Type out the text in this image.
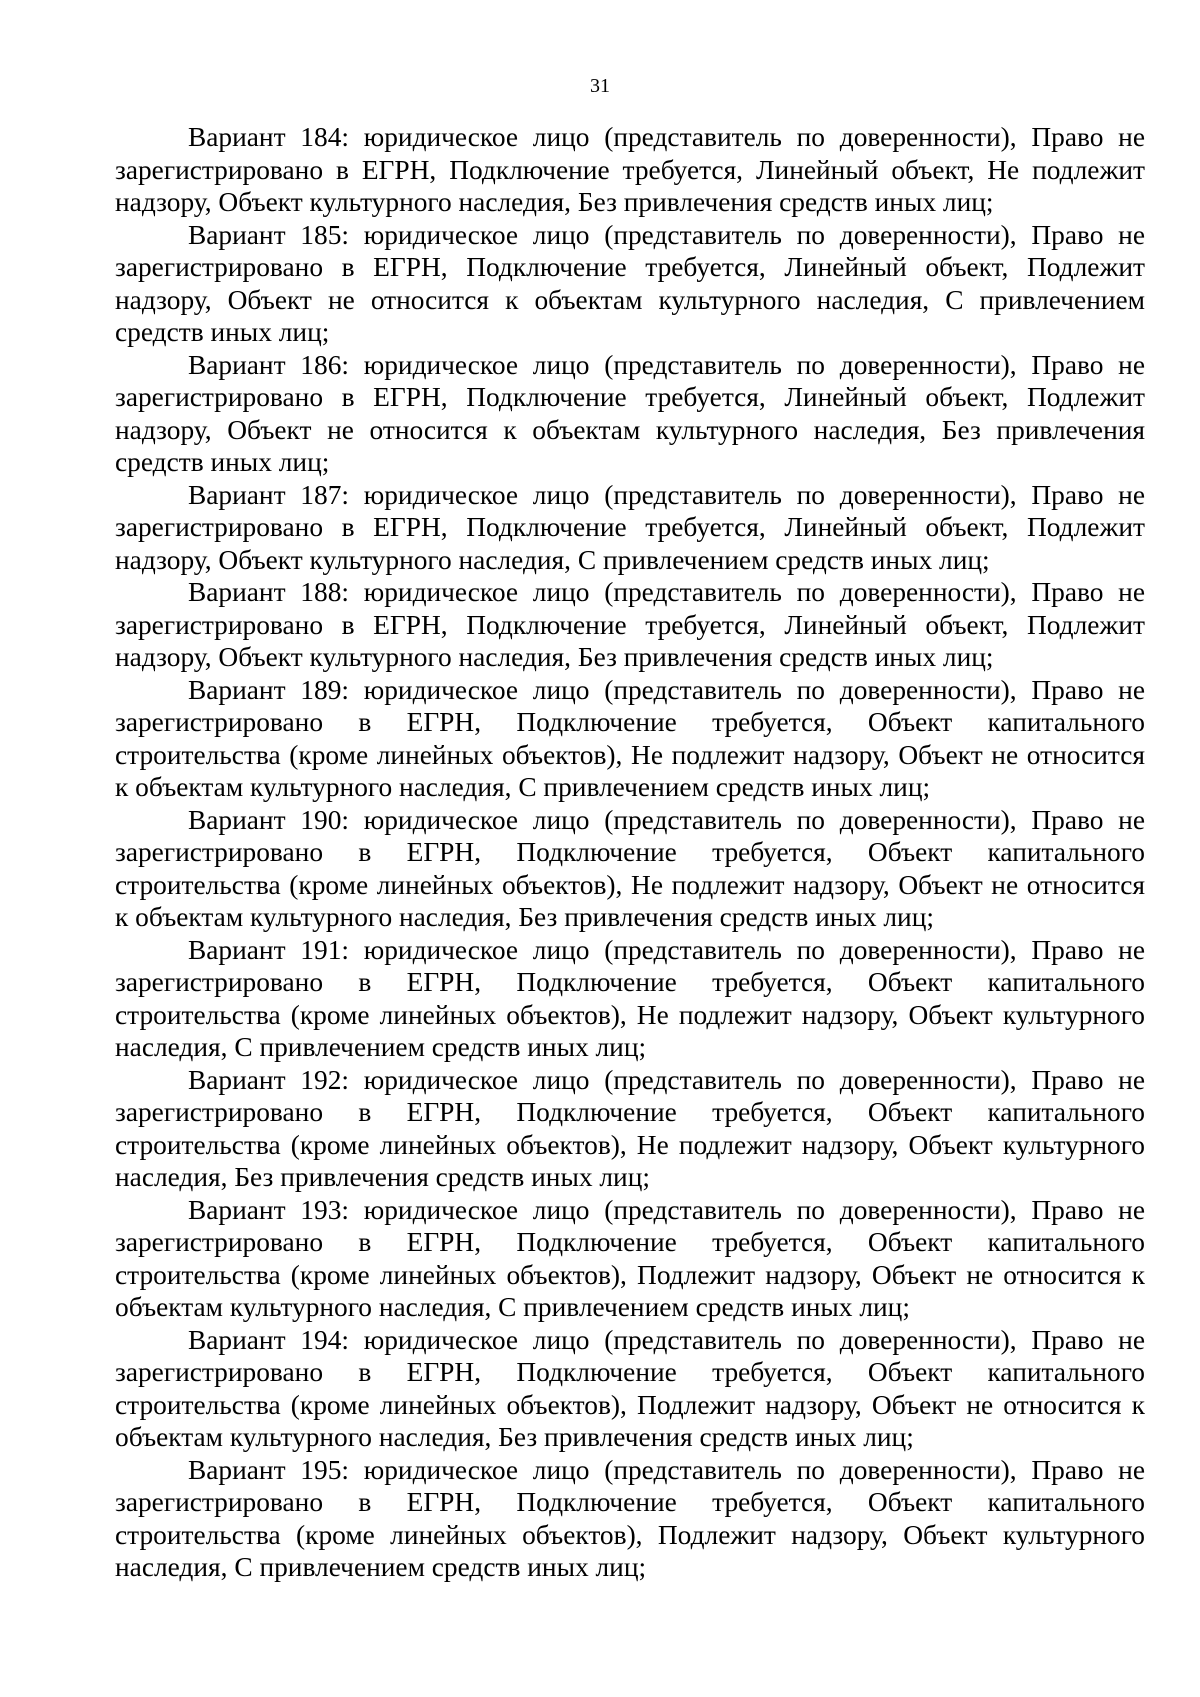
31

Вариант 184: юридическое лицо (представитель по доверенности), Право не зарегистрировано в ЕГРН, Подключение требуется, Линейный объект, Не подлежит надзору, Объект культурного наследия, Без привлечения средств иных лиц;

Вариант 185: юридическое лицо (представитель по доверенности), Право не зарегистрировано в ЕГРН, Подключение требуется, Линейный объект, Подлежит надзору, Объект не относится к объектам культурного наследия, С привлечением средств иных лиц;

Вариант 186: юридическое лицо (представитель по доверенности), Право не зарегистрировано в ЕГРН, Подключение требуется, Линейный объект, Подлежит надзору, Объект не относится к объектам культурного наследия, Без привлечения средств иных лиц;

Вариант 187: юридическое лицо (представитель по доверенности), Право не зарегистрировано в ЕГРН, Подключение требуется, Линейный объект, Подлежит надзору, Объект культурного наследия, С привлечением средств иных лиц;

Вариант 188: юридическое лицо (представитель по доверенности), Право не зарегистрировано в ЕГРН, Подключение требуется, Линейный объект, Подлежит надзору, Объект культурного наследия, Без привлечения средств иных лиц;

Вариант 189: юридическое лицо (представитель по доверенности), Право не зарегистрировано в ЕГРН, Подключение требуется, Объект капитального строительства (кроме линейных объектов), Не подлежит надзору, Объект не относится к объектам культурного наследия, С привлечением средств иных лиц;

Вариант 190: юридическое лицо (представитель по доверенности), Право не зарегистрировано в ЕГРН, Подключение требуется, Объект капитального строительства (кроме линейных объектов), Не подлежит надзору, Объект не относится к объектам культурного наследия, Без привлечения средств иных лиц;

Вариант 191: юридическое лицо (представитель по доверенности), Право не зарегистрировано в ЕГРН, Подключение требуется, Объект капитального строительства (кроме линейных объектов), Не подлежит надзору, Объект культурного наследия, С привлечением средств иных лиц;

Вариант 192: юридическое лицо (представитель по доверенности), Право не зарегистрировано в ЕГРН, Подключение требуется, Объект капитального строительства (кроме линейных объектов), Не подлежит надзору, Объект культурного наследия, Без привлечения средств иных лиц;

Вариант 193: юридическое лицо (представитель по доверенности), Право не зарегистрировано в ЕГРН, Подключение требуется, Объект капитального строительства (кроме линейных объектов), Подлежит надзору, Объект не относится к объектам культурного наследия, С привлечением средств иных лиц;

Вариант 194: юридическое лицо (представитель по доверенности), Право не зарегистрировано в ЕГРН, Подключение требуется, Объект капитального строительства (кроме линейных объектов), Подлежит надзору, Объект не относится к объектам культурного наследия, Без привлечения средств иных лиц;

Вариант 195: юридическое лицо (представитель по доверенности), Право не зарегистрировано в ЕГРН, Подключение требуется, Объект капитального строительства (кроме линейных объектов), Подлежит надзору, Объект культурного наследия, С привлечением средств иных лиц;
